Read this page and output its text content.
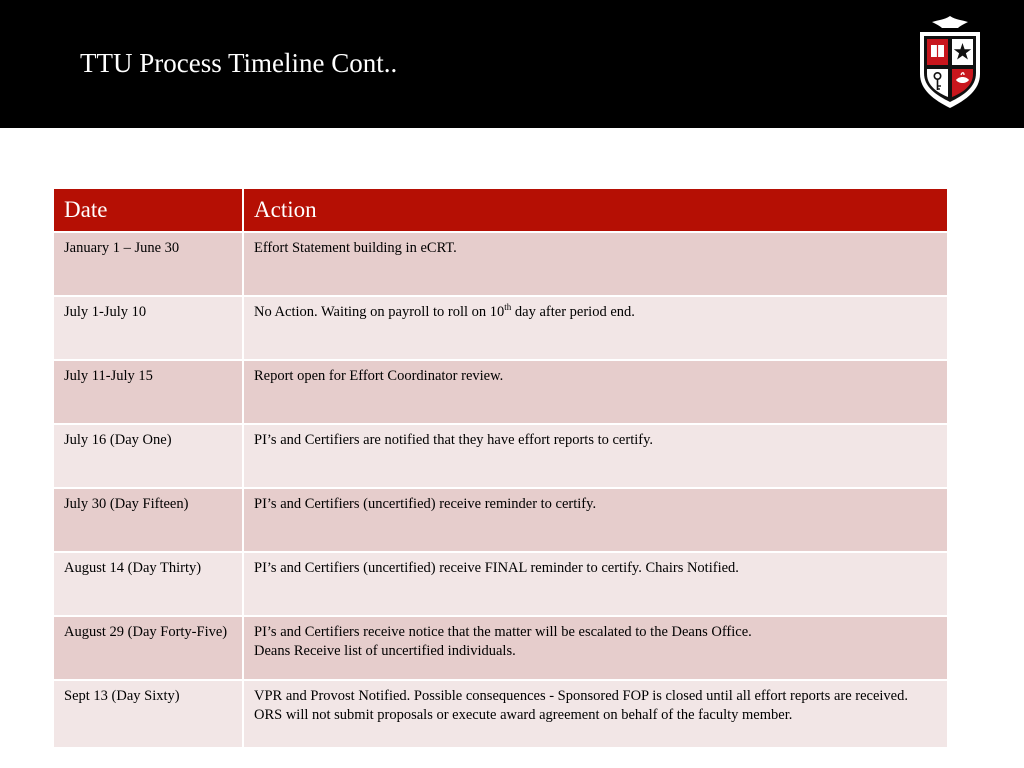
TTU Process Timeline Cont..
Date	Action
January 1 – June 30	Effort Statement building in eCRT.
July 1-July 10	No Action. Waiting on payroll to roll on 10th day after period end.
July 11-July 15	Report open for Effort Coordinator review.
July 16 (Day One)	PI’s and Certifiers are notified that they have effort reports to certify.
July 30 (Day Fifteen)	PI’s and Certifiers (uncertified) receive reminder to certify.
August 14 (Day Thirty)	PI’s and Certifiers (uncertified) receive FINAL reminder to certify. Chairs Notified.
August 29 (Day Forty-Five)	PI’s and Certifiers receive notice that the matter will be escalated to the Deans Office.
Deans Receive list of uncertified individuals.

Sept 13 (Day Sixty)	VPR and Provost Notified. Possible consequences - Sponsored FOP is closed until all effort reports are received. ORS will not submit proposals or execute award agreement on behalf of the faculty member.
